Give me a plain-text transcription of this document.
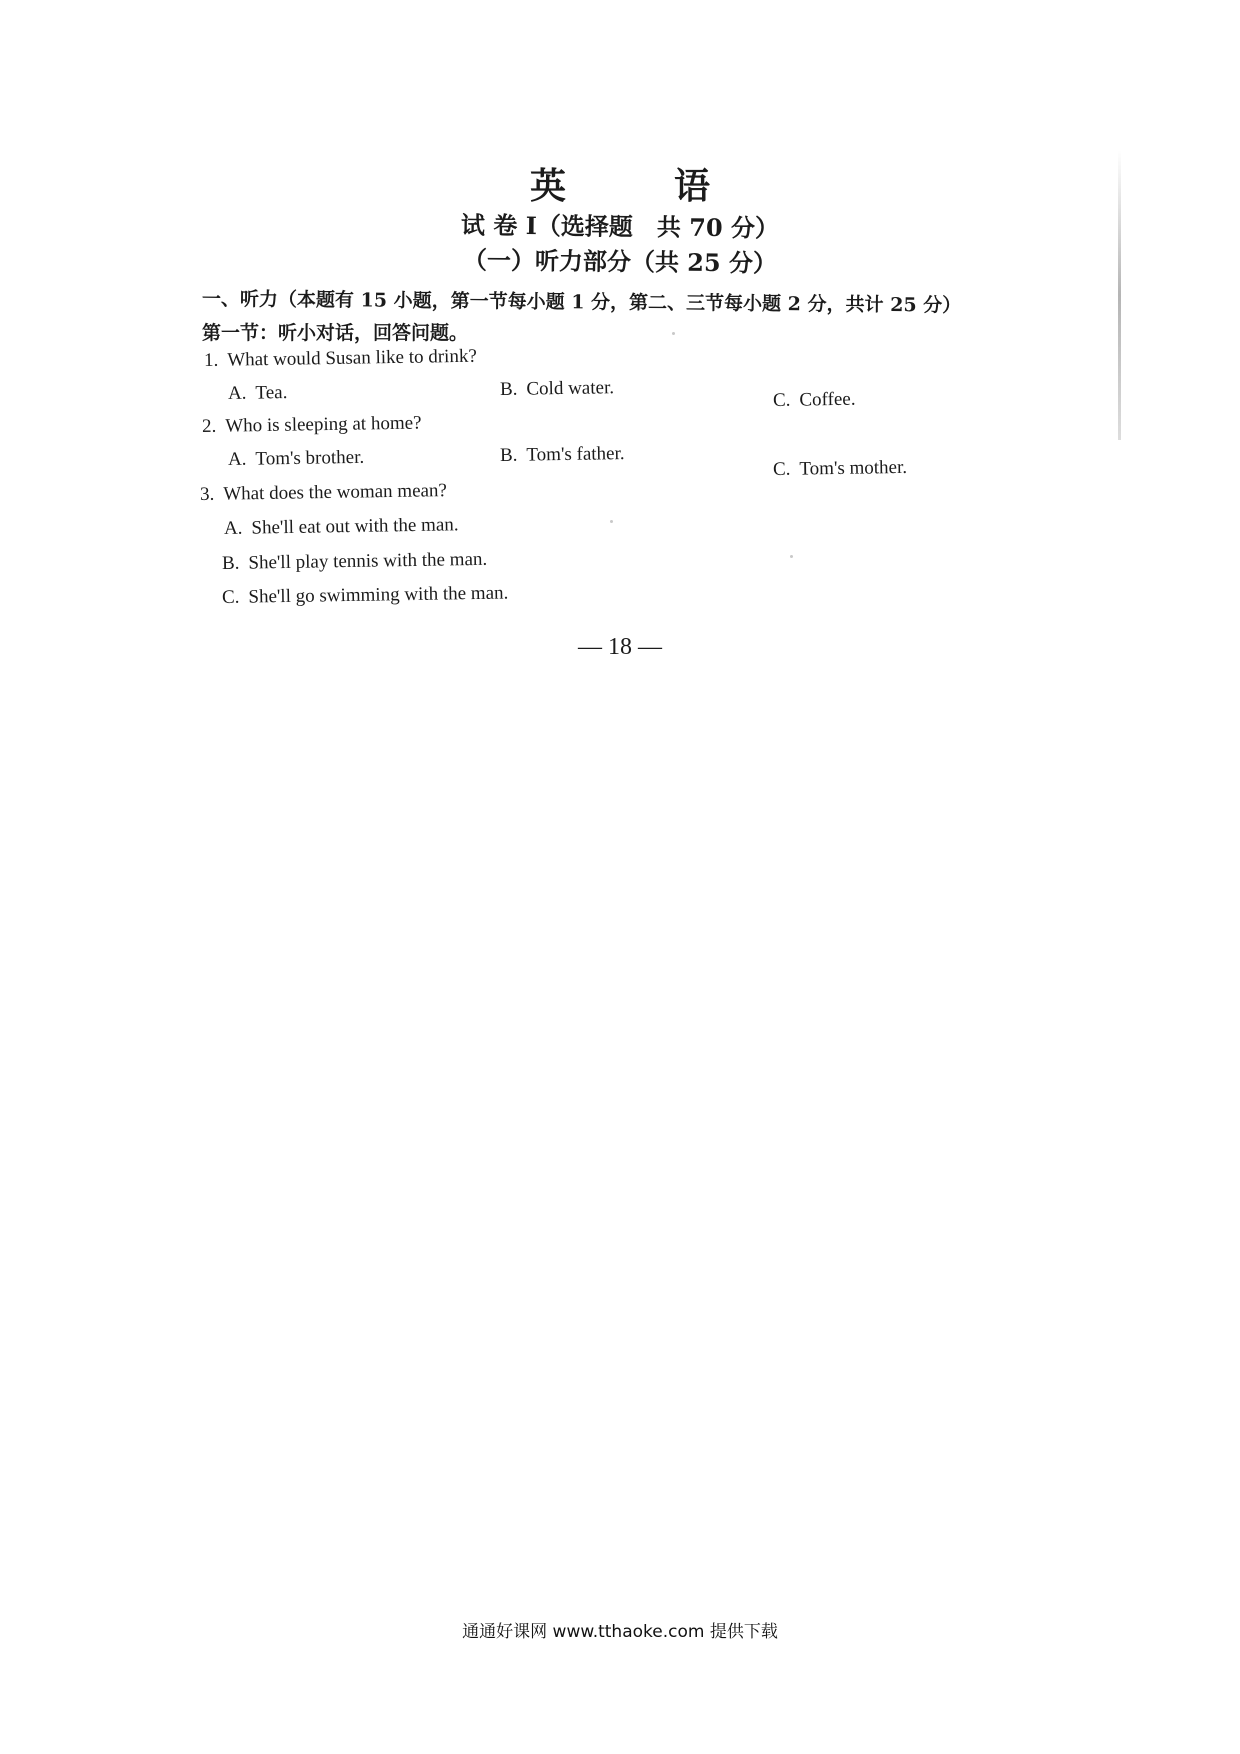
英　语
试 卷 Ⅰ（选择题　共 70 分）
（一）听力部分（共 25 分）
一、听力（本题有 15 小题，第一节每小题 1 分，第二、三节每小题 2 分，共计 25 分）
第一节：听小对话，回答问题。
1. What would Susan like to drink?
A. Tea.	B. Cold water.
C. Coffee.
2. Who is sleeping at home?
A. Tom's brother.	B. Tom's father.
C. Tom's mother.
3. What does the woman mean?
A. She'll eat out with the man.
B. She'll play tennis with the man.
C. She'll go swimming with the man.
— 18 —
通通好课网 www.tthaoke.com 提供下载
